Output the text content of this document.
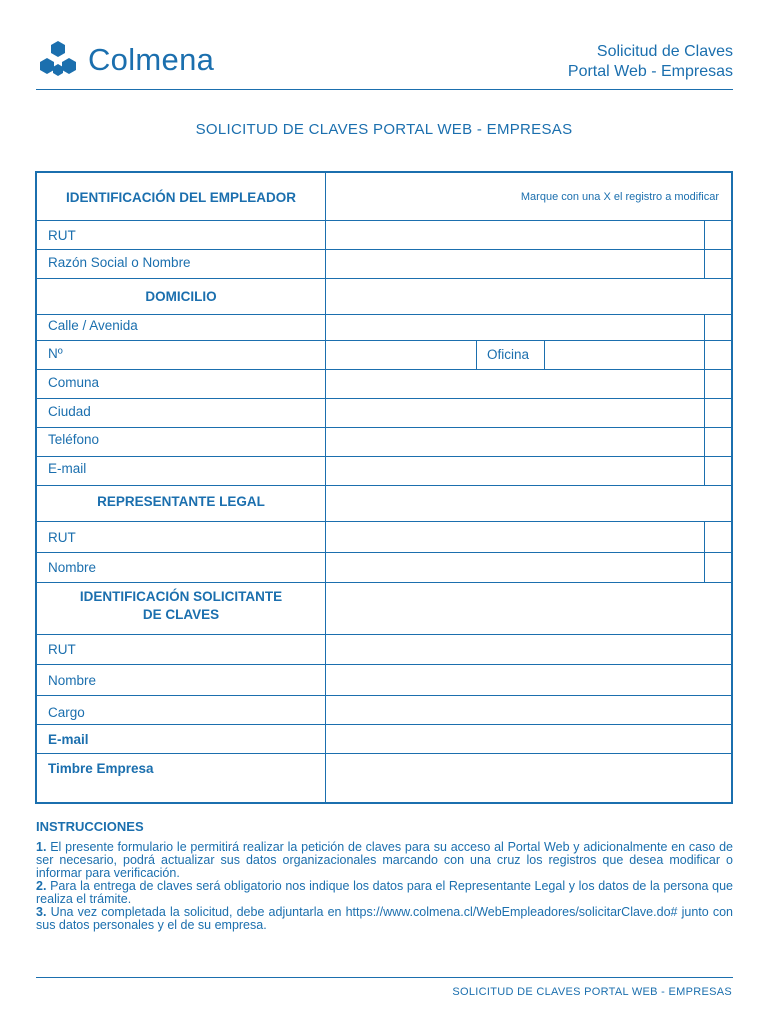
Colmena	Solicitud de Claves
Portal Web - Empresas
SOLICITUD DE CLAVES PORTAL WEB - EMPRESAS
IDENTIFICACIÓN DEL EMPLEADOR	Marque con una X el registro a modificar
RUT
Razón Social o Nombre
DOMICILIO
Calle / Avenida
Nº	Oficina
Comuna
Ciudad
Teléfono
E-mail
REPRESENTANTE LEGAL
RUT
Nombre
IDENTIFICACIÓN SOLICITANTE
DE CLAVES
RUT
Nombre
Cargo
E-mail
Timbre Empresa
INSTRUCCIONES

1. El presente formulario le permitirá realizar la petición de claves para su acceso al Portal Web y adicionalmente en caso de ser necesario, podrá actualizar sus datos organizacionales marcando con una cruz los registros que desea modificar o informar para verificación.

2. Para la entrega de claves será obligatorio nos indique los datos para el Representante Legal y los datos de la persona que realiza el trámite.

3. Una vez completada la solicitud, debe adjuntarla en https://www.colmena.cl/WebEmpleadores/solicitarClave.do# junto con sus datos personales y el de su empresa.

SOLICITUD DE CLAVES PORTAL WEB - EMPRESAS
